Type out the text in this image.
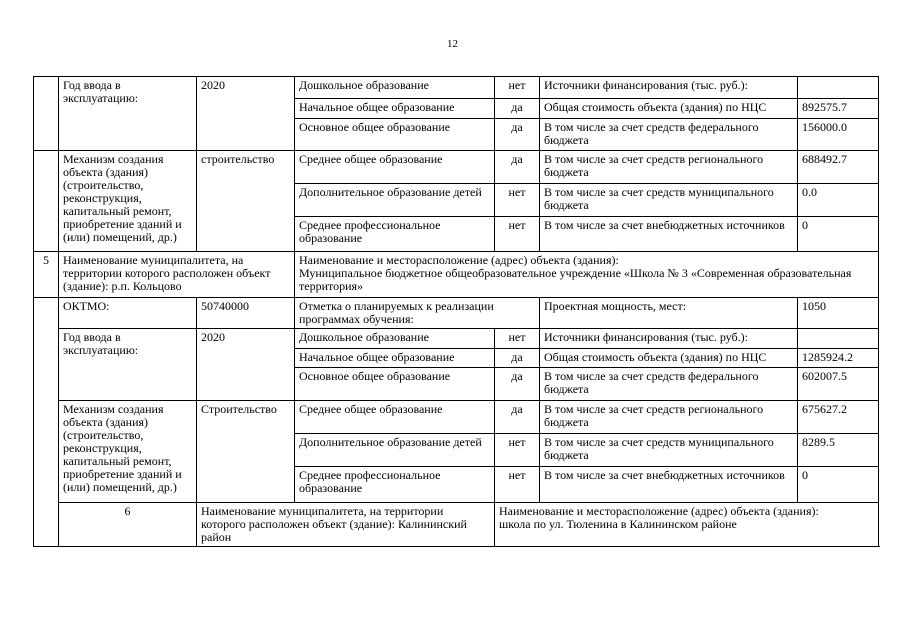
12
	Год ввода в эксплуатацию:	2020	Дошкольное образование	нет	Источники финансирования (тыс. руб.):	
			Начальное общее образование	да	Общая стоимость объекта (здания) по НЦС	892575.7
			Основное общее образование	да	В том числе за счет средств федерального бюджета	156000.0
	Механизм создания объекта (здания) (строительство, реконструкция, капитальный ремонт, приобретение зданий и (или) помещений, др.)	строительство	Среднее общее образование	да	В том числе за счет средств регионального бюджета	688492.7
			Дополнительное образование детей	нет	В том числе за счет средств муниципального бюджета	0.0
			Среднее профессиональное образование	нет	В том числе за счет внебюджетных источников	0
5	Наименование муниципалитета, на территории которого расположен объект (здание): р.п. Кольцово		Наименование и месторасположение (адрес) объекта (здания):
Муниципальное бюджетное общеобразовательное учреждение «Школа № 3 «Современная образовательная территория»			
	ОКТМО:	50740000	Отметка о планируемых к реализации программах обучения:		Проектная мощность, мест:	1050
	Год ввода в эксплуатацию:	2020	Дошкольное образование	нет	Источники финансирования (тыс. руб.):	
			Начальное общее образование	да	Общая стоимость объекта (здания) по НЦС	1285924.2
			Основное общее образование	да	В том числе за счет средств федерального бюджета	602007.5
	Механизм создания объекта (здания) (строительство, реконструкция, капитальный ремонт, приобретение зданий и (или) помещений, др.)	Строительство	Среднее общее образование	да	В том числе за счет средств регионального бюджета	675627.2
			Дополнительное образование детей	нет	В том числе за счет средств муниципального бюджета	8289.5
			Среднее профессиональное образование	нет	В том числе за счет внебюджетных источников	0
	6	Наименование муниципалитета, на территории которого расположен объект (здание): Калининский район		Наименование и месторасположение (адрес) объекта (здания):
школа по ул. Тюленина в Калининском районе		
